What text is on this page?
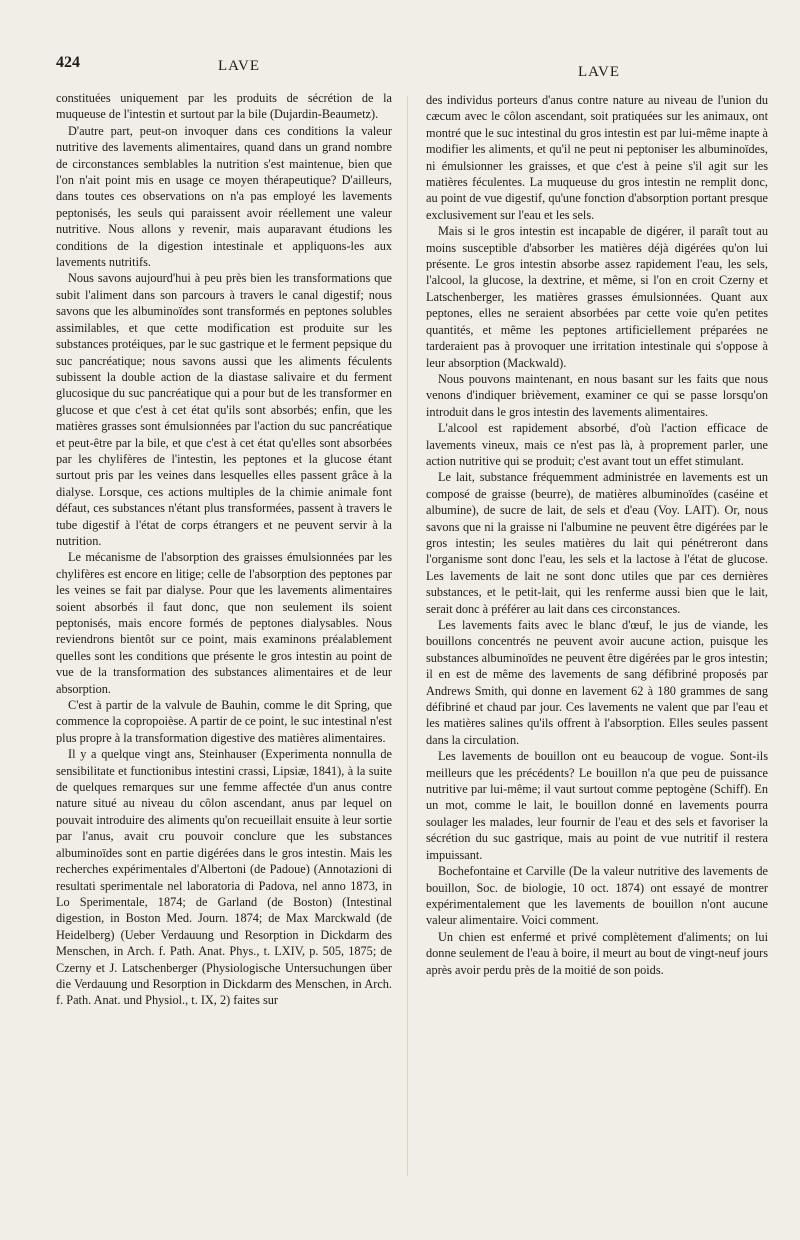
424	LAVE	LAVE

constituées uniquement par les produits de sécrétion de la muqueuse de l'intestin et surtout par la bile (Dujardin-Beaumetz).

D'autre part, peut-on invoquer dans ces conditions la valeur nutritive des lavements alimentaires, quand dans un grand nombre de circonstances semblables la nutrition s'est maintenue, bien que l'on n'ait point mis en usage ce moyen thérapeutique? D'ailleurs, dans toutes ces observations on n'a pas employé les lavements peptonisés, les seuls qui paraissent avoir réellement une valeur nutritive. Nous allons y revenir, mais auparavant étudions les conditions de la digestion intestinale et appliquons-les aux lavements nutritifs.

Nous savons aujourd'hui à peu près bien les transformations que subit l'aliment dans son parcours à travers le canal digestif; nous savons que les albuminoïdes sont transformés en peptones solubles assimilables, et que cette modification est produite sur les substances protéiques, par le suc gastrique et le ferment pepsique du suc pancréatique; nous savons aussi que les aliments féculents subissent la double action de la diastase salivaire et du ferment glucosique du suc pancréatique qui a pour but de les transformer en glucose et que c'est à cet état qu'ils sont absorbés; enfin, que les matières grasses sont émulsionnées par l'action du suc pancréatique et peut-être par la bile, et que c'est à cet état qu'elles sont absorbées par les chylifères de l'intestin, les peptones et la glucose étant surtout pris par les veines dans lesquelles elles passent grâce à la dialyse. Lorsque, ces actions multiples de la chimie animale font défaut, ces substances n'étant plus transformées, passent à travers le tube digestif à l'état de corps étrangers et ne peuvent servir à la nutrition.

Le mécanisme de l'absorption des graisses émulsionnées par les chylifères est encore en litige; celle de l'absorption des peptones par les veines se fait par dialyse. Pour que les lavements alimentaires soient absorbés il faut donc, que non seulement ils soient peptonisés, mais encore formés de peptones dialysables. Nous reviendrons bientôt sur ce point, mais examinons préalablement quelles sont les conditions que présente le gros intestin au point de vue de la transformation des substances alimentaires et de leur absorption.

C'est à partir de la valvule de Bauhin, comme le dit Spring, que commence la copropoièse. A partir de ce point, le suc intestinal n'est plus propre à la transformation digestive des matières alimentaires.

Il y a quelque vingt ans, Steinhauser (Experimenta nonnulla de sensibilitate et functionibus intestini crassi, Lipsiæ, 1841), à la suite de quelques remarques sur une femme affectée d'un anus contre nature situé au niveau du côlon ascendant, anus par lequel on pouvait introduire des aliments qu'on recueillait ensuite à leur sortie par l'anus, avait cru pouvoir conclure que les substances albuminoïdes sont en partie digérées dans le gros intestin. Mais les recherches expérimentales d'Albertoni (de Padoue) (Annotazioni di resultati sperimentale nel laboratoria di Padova, nel anno 1873, in Lo Sperimentale, 1874; de Garland (de Boston) (Intestinal digestion, in Boston Med. Journ. 1874; de Max Marckwald (de Heidelberg) (Ueber Verdauung und Resorption in Dickdarm des Menschen, in Arch. f. Path. Anat. Phys., t. LXIV, p. 505, 1875; de Czerny et J. Latschenberger (Physiologische Untersuchungen über die Verdauung und Resorption in Dickdarm des Menschen, in Arch. f. Path. Anat. und Physiol., t. IX, 2) faites sur

des individus porteurs d'anus contre nature au niveau de l'union du cæcum avec le côlon ascendant, soit pratiquées sur les animaux, ont montré que le suc intestinal du gros intestin est par lui-même inapte à modifier les aliments, et qu'il ne peut ni peptoniser les albuminoïdes, ni émulsionner les graisses, et que c'est à peine s'il agit sur les matières féculentes. La muqueuse du gros intestin ne remplit donc, au point de vue digestif, qu'une fonction d'absorption portant presque exclusivement sur l'eau et les sels.

Mais si le gros intestin est incapable de digérer, il paraît tout au moins susceptible d'absorber les matières déjà digérées qu'on lui présente. Le gros intestin absorbe assez rapidement l'eau, les sels, l'alcool, la glucose, la dextrine, et même, si l'on en croit Czerny et Latschenberger, les matières grasses émulsionnées. Quant aux peptones, elles ne seraient absorbées par cette voie qu'en petites quantités, et même les peptones artificiellement préparées ne tarderaient pas à provoquer une irritation intestinale qui s'oppose à leur absorption (Mackwald).

Nous pouvons maintenant, en nous basant sur les faits que nous venons d'indiquer brièvement, examiner ce qui se passe lorsqu'on introduit dans le gros intestin des lavements alimentaires.

L'alcool est rapidement absorbé, d'où l'action efficace de lavements vineux, mais ce n'est pas là, à proprement parler, une action nutritive qui se produit; c'est avant tout un effet stimulant.

Le lait, substance fréquemment administrée en lavements est un composé de graisse (beurre), de matières albuminoïdes (caséine et albumine), de sucre de lait, de sels et d'eau (Voy. LAIT). Or, nous savons que ni la graisse ni l'albumine ne peuvent être digérées par le gros intestin; les seules matières du lait qui pénétreront dans l'organisme sont donc l'eau, les sels et la lactose à l'état de glucose. Les lavements de lait ne sont donc utiles que par ces dernières substances, et le petit-lait, qui les renferme aussi bien que le lait, serait donc à préférer au lait dans ces circonstances.

Les lavements faits avec le blanc d'œuf, le jus de viande, les bouillons concentrés ne peuvent avoir aucune action, puisque les substances albuminoïdes ne peuvent être digérées par le gros intestin; il en est de même des lavements de sang défibriné proposés par Andrews Smith, qui donne en lavement 62 à 180 grammes de sang défibriné et chaud par jour. Ces lavements ne valent que par l'eau et les matières salines qu'ils offrent à l'absorption. Elles seules passent dans la circulation.

Les lavements de bouillon ont eu beaucoup de vogue. Sont-ils meilleurs que les précédents? Le bouillon n'a que peu de puissance nutritive par lui-même; il vaut surtout comme peptogène (Schiff). En un mot, comme le lait, le bouillon donné en lavements pourra soulager les malades, leur fournir de l'eau et des sels et favoriser la sécrétion du suc gastrique, mais au point de vue nutritif il restera impuissant.

Bochefontaine et Carville (De la valeur nutritive des lavements de bouillon, Soc. de biologie, 10 oct. 1874) ont essayé de montrer expérimentalement que les lavements de bouillon n'ont aucune valeur alimentaire. Voici comment.

Un chien est enfermé et privé complètement d'aliments; on lui donne seulement de l'eau à boire, il meurt au bout de vingt-neuf jours après avoir perdu près de la moitié de son poids.
